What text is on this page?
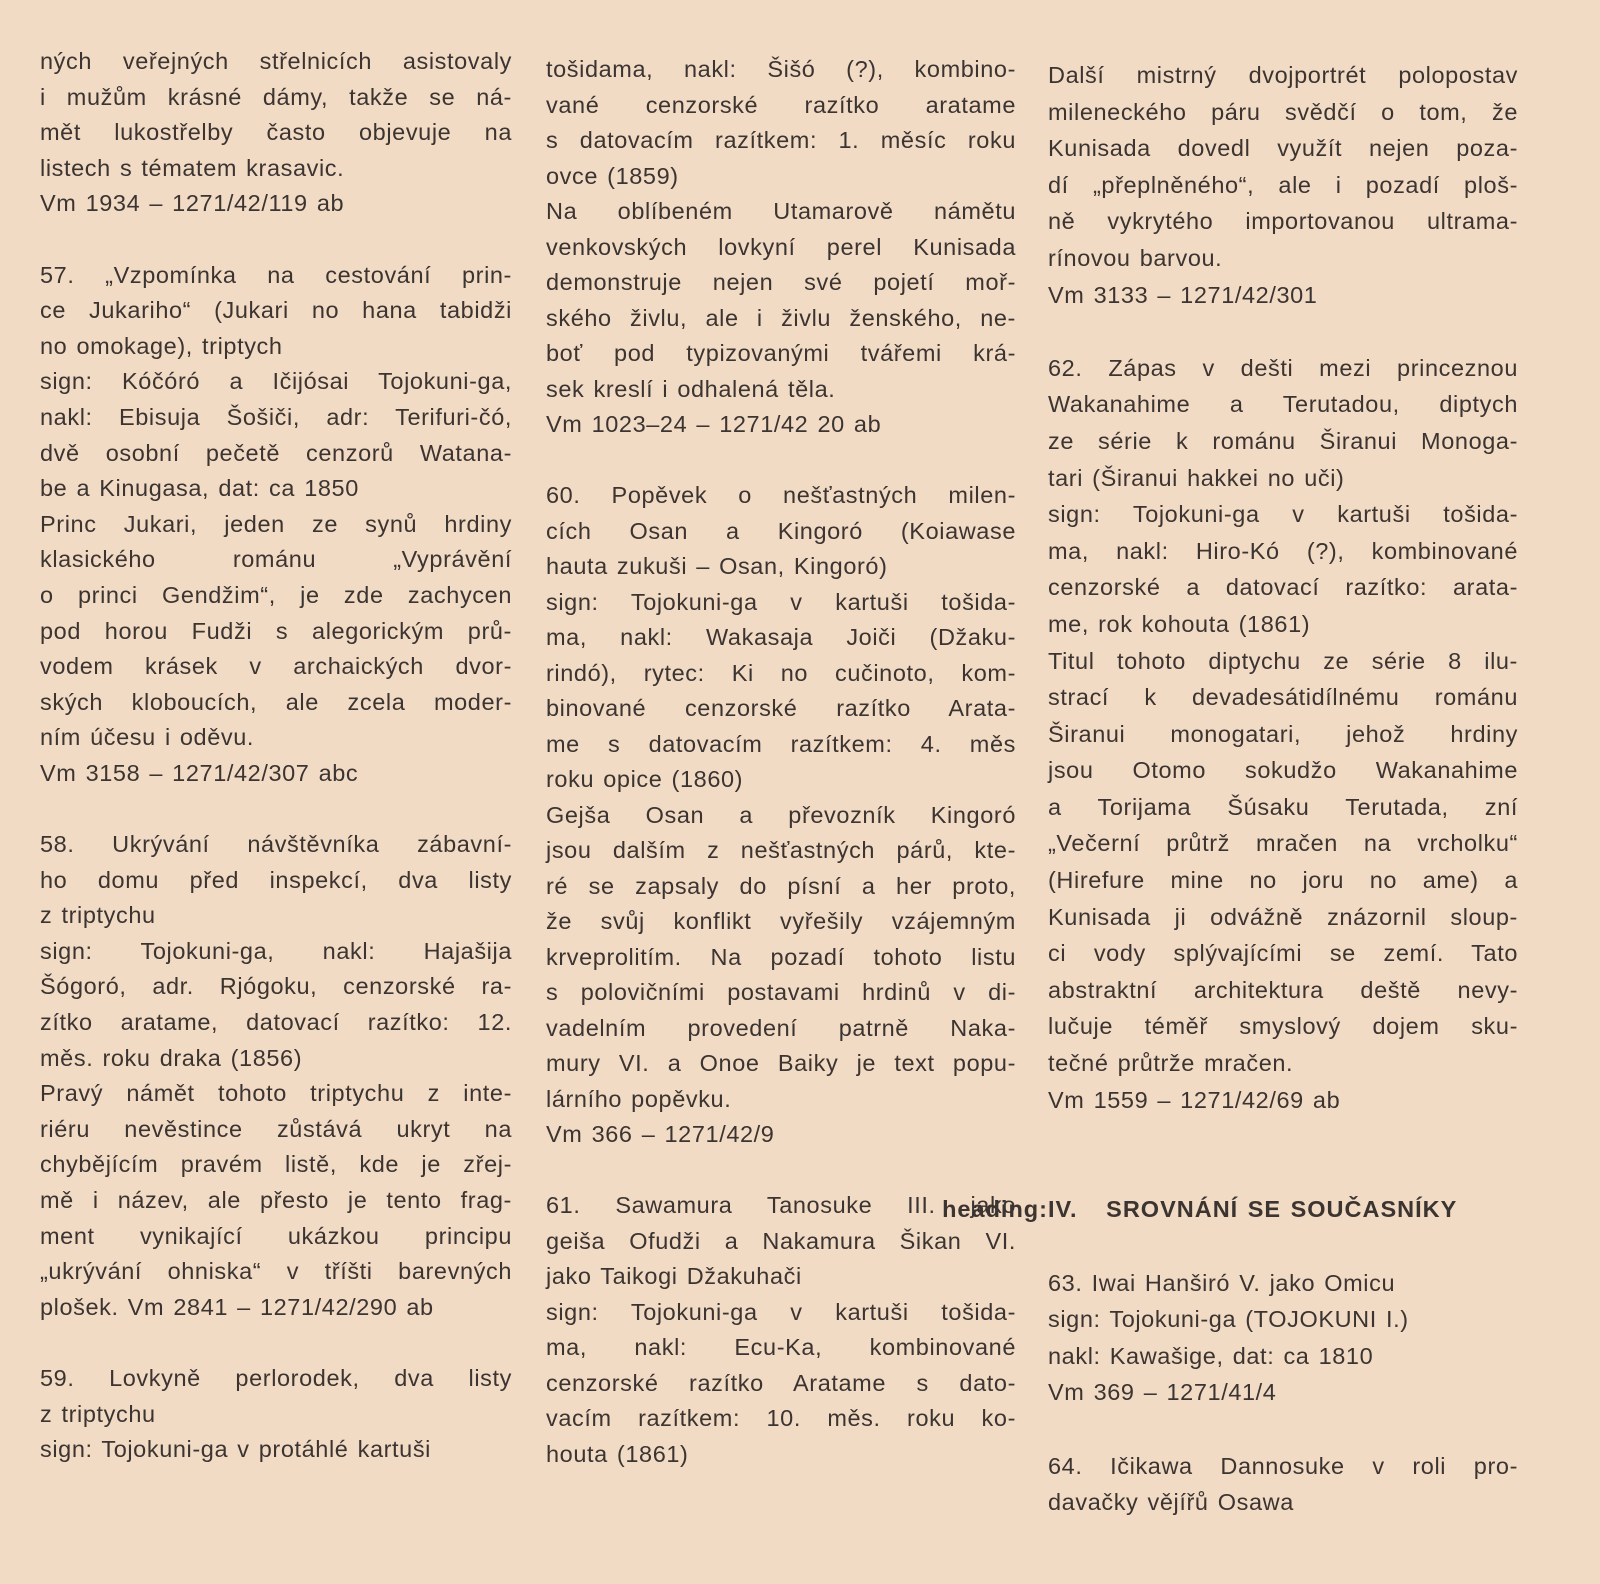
ných veřejných střelnicích asistovaly
i mužům krásné dámy, takže se ná-
mět lukostřelby často objevuje na
listech s tématem krasavic.
Vm 1934 – 1271/42/119 ab
57. „Vzpomínka na cestování prin-
ce Jukariho“ (Jukari no hana tabidži
no omokage), triptych
sign: Kóčóró a Ičijósai Tojokuni-ga,
nakl: Ebisuja Šošiči, adr: Terifuri-čó,
dvě osobní pečetě cenzorů Watana-
be a Kinugasa, dat: ca 1850
Princ Jukari, jeden ze synů hrdiny
klasického románu „Vyprávění
o princi Gendžim“, je zde zachycen
pod horou Fudži s alegorickým prů-
vodem krásek v archaických dvor-
ských kloboucích, ale zcela moder-
ním účesu i oděvu.
Vm 3158 – 1271/42/307 abc
58. Ukrývání návštěvníka zábavní-
ho domu před inspekcí, dva listy
z triptychu
sign: Tojokuni-ga, nakl: Hajašija
Šógoró, adr. Rjógoku, cenzorské ra-
zítko aratame, datovací razítko: 12.
měs. roku draka (1856)
Pravý námět tohoto triptychu z inte-
riéru nevěstince zůstává ukryt na
chybějícím pravém listě, kde je zřej-
mě i název, ale přesto je tento frag-
ment vynikající ukázkou principu
„ukrývání ohniska“ v tříšti barevných
plošek. Vm 2841 – 1271/42/290 ab
59. Lovkyně perlorodek, dva listy
z triptychu
sign: Tojokuni-ga v protáhlé kartuši
tošidama, nakl: Šišó (?), kombino-
vané cenzorské razítko aratame
s datovacím razítkem: 1. měsíc roku
ovce (1859)
Na oblíbeném Utamarově námětu
venkovských lovkyní perel Kunisada
demonstruje nejen své pojetí moř-
ského živlu, ale i živlu ženského, ne-
boť pod typizovanými tvářemi krá-
sek kreslí i odhalená těla.
Vm 1023–24 – 1271/42 20 ab
60. Popěvek o nešťastných milen-
cích Osan a Kingoró (Koiawase
hauta zukuši – Osan, Kingoró)
sign: Tojokuni-ga v kartuši tošida-
ma, nakl: Wakasaja Joiči (Džaku-
rindó), rytec: Ki no cučinoto, kom-
binované cenzorské razítko Arata-
me s datovacím razítkem: 4. měs
roku opice (1860)
Gejša Osan a převozník Kingoró
jsou dalším z nešťastných párů, kte-
ré se zapsaly do písní a her proto,
že svůj konflikt vyřešily vzájemným
krveprolitím. Na pozadí tohoto listu
s polovičními postavami hrdinů v di-
vadelním provedení patrně Naka-
mury VI. a Onoe Baiky je text popu-
lárního popěvku.
Vm 366 – 1271/42/9
61. Sawamura Tanosuke III. jako
geiša Ofudži a Nakamura Šikan VI.
jako Taikogi Džakuhači
sign: Tojokuni-ga v kartuši tošida-
ma, nakl: Ecu-Ka, kombinované
cenzorské razítko Aratame s dato-
vacím razítkem: 10. měs. roku ko-
houta (1861)
Další mistrný dvojportrét polopostav
mileneckého páru svědčí o tom, že
Kunisada dovedl využít nejen poza-
dí „přeplněného“, ale i pozadí ploš-
ně vykrytého importovanou ultrama-
rínovou barvou.
Vm 3133 – 1271/42/301
62. Zápas v dešti mezi princeznou
Wakanahime a Terutadou, diptych
ze série k románu Širanui Monoga-
tari (Širanui hakkei no uči)
sign: Tojokuni-ga v kartuši tošida-
ma, nakl: Hiro-Kó (?), kombinované
cenzorské a datovací razítko: arata-
me, rok kohouta (1861)
Titul tohoto diptychu ze série 8 ilu-
strací k devadesátidílnému románu
Širanui monogatari, jehož hrdiny
jsou Otomo sokudžo Wakanahime
a Torijama Šúsaku Terutada, zní
„Večerní průtrž mračen na vrcholku“
(Hirefure mine no joru no ame) a
Kunisada ji odvážně znázornil sloup-
ci vody splývajícími se zemí. Tato
abstraktní architektura deště nevy-
lučuje téměř smyslový dojem sku-
tečné průtrže mračen.
Vm 1559 – 1271/42/69 ab
heading:IV.   SROVNÁNÍ SE SOUČASNÍKY
63. Iwai Hanširó V. jako Omicu
sign: Tojokuni-ga (TOJOKUNI I.)
nakl: Kawašige, dat: ca 1810
Vm 369 – 1271/41/4
64. Ičikawa Dannosuke v roli pro-
davačky vějířů Osawa
